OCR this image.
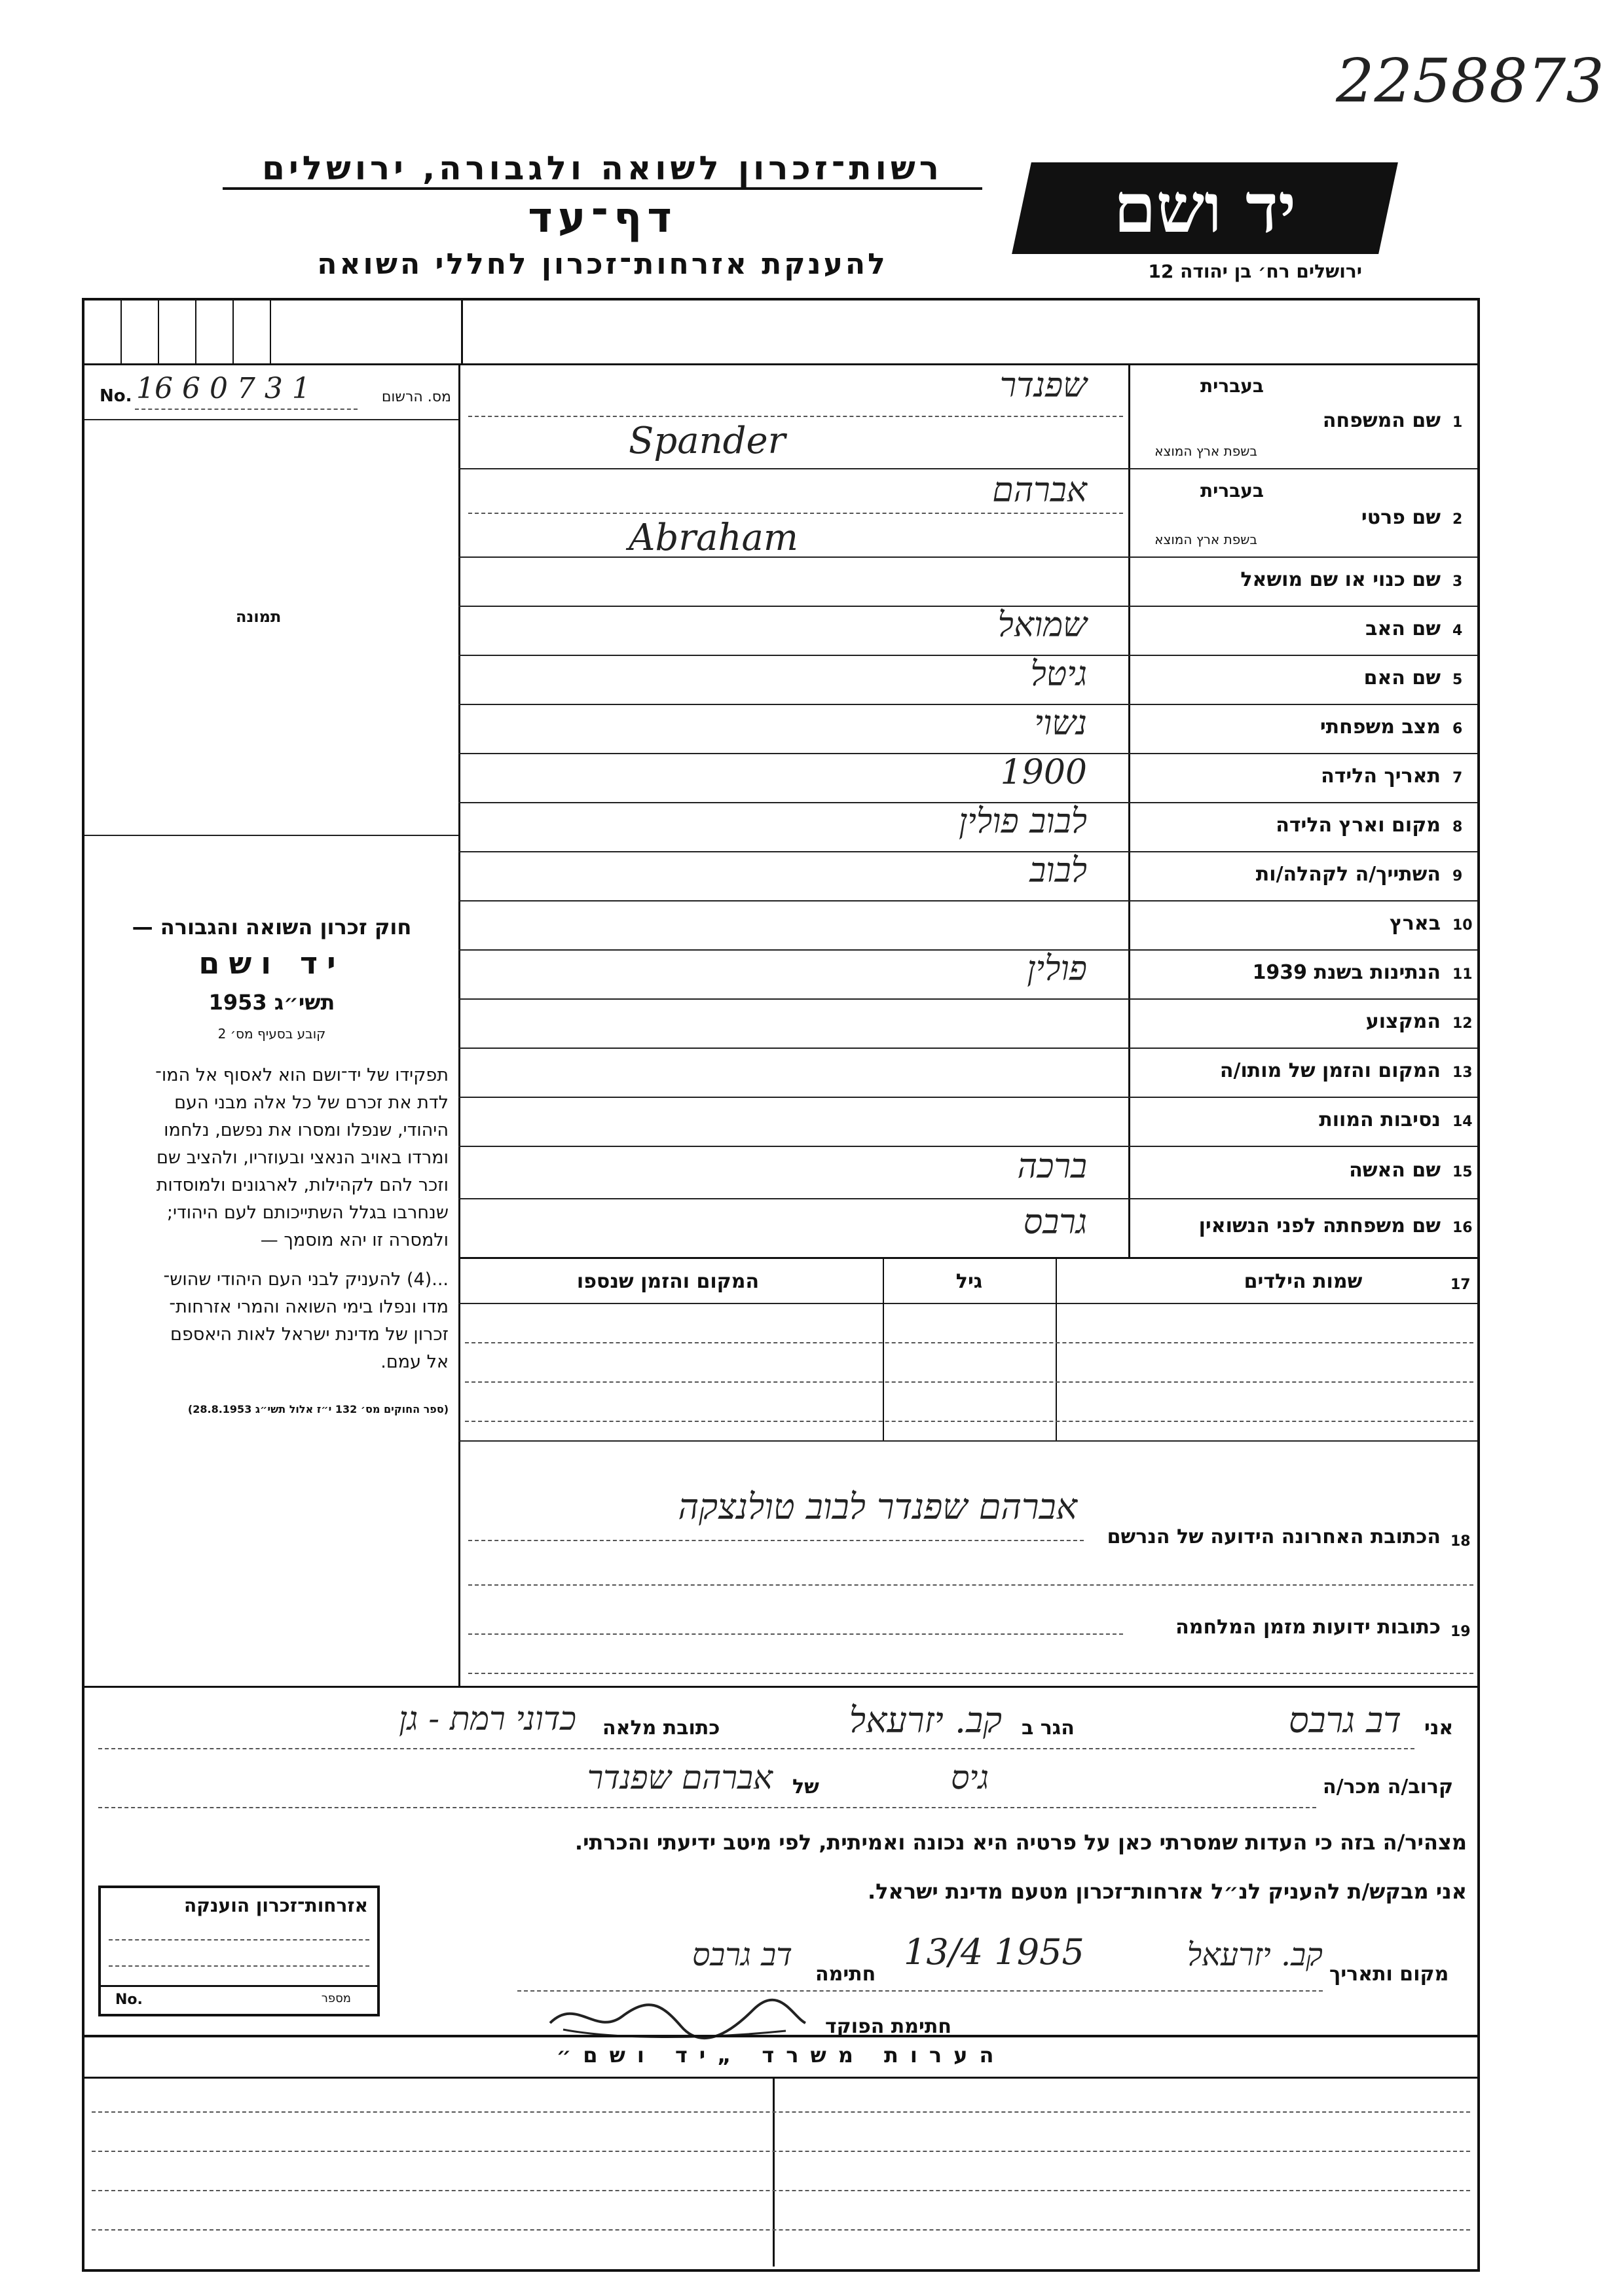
2258873
רשות־זכרון לשואה ולגבורה, ירושלים
דף־עד
להענקת אזרחות־זכרון לחללי השואה
יד ושם
ירושלים רח׳ בן יהודה 12
No. 16 6 0 7 3 1	מס. הרשום
תמונה
חוק זכרון השואה והגבורה —
יד ושם
תשי״ג 1953
קובע בסעיף מס׳ 2
תפקידו של יד־ושם הוא לאסוף אל המו־
לדת את זכרם של כל אלה מבני העם
היהודי, שנפלו ומסרו את נפשם, נלחמו
ומרדו באויב הנאצי ובעוזריו, ולהציב שם
וזכר להם לקהילות, לארגונים ולמוסדות
שנחרבו בגלל השתייכותם לעם היהודי;
ולמסרה זו יהא מוסמך —
...(4) להעניק לבני העם היהודי שהוש־
מדו ונפלו בימי השואה והמרי אזרחות־
זכרון של מדינת ישראל לאות היאספם
אל עמם.
(ספר החוקים מס׳ 132 י״ז אלול תשי״ג 28.8.1953)
1
שם המשפחה
בעברית
בשפת ארץ המוצא
Spander
שפנדר
2
שם פרטי
בעברית
בשפת ארץ המוצא
Abraham
אברהם
3
שם כנוי או שם מושאל
4
שם האב
שמואל
5
שם האם
גיטל
6
מצב משפחתי
נשוי
7
תאריך הלידה
1900
8
מקום וארץ הלידה
לבוב פולין
9
השתייך/ה לקהלה/ות
לבוב
10
בארץ
11
הנתינות בשנת 1939
פולין
12
המקצוע
13
המקום והזמן של מותו/ה
14
נסיבות המוות
15
שם האשה
ברכה
16
שם משפחתה לפני הנשואין
גרבס
17
שמות הילדים
גיל
המקום והזמן שנספו
18
הכתובת האחרונה הידועה של הנרשם
אברהם שפנדר לבוב טולנצקה
19
כתובות ידועות מזמן המלחמה
אני
דב גרבס
הגר ב
קב. יזרעאל
כתובת מלאה
כדוני רמת - גן
קרוב/ה מכר/ה
גיס
של
אברהם שפנדר
מצהיר/ה בזה כי העדות שמסרתי כאן על פרטיה היא נכונה ואמיתית, לפי מיטב ידיעתי והכרתי.
אני מבקש/ת להעניק לנ״ל אזרחות־זכרון מטעם מדינת ישראל.
מקום ותאריך
קב. יזרעאל
13/4 1955
חתימה
דב גרבס
חתימת הפוקד
אזרחות־זכרון הוענקה
No.	מספר
הערות משרד „יד ושם״
